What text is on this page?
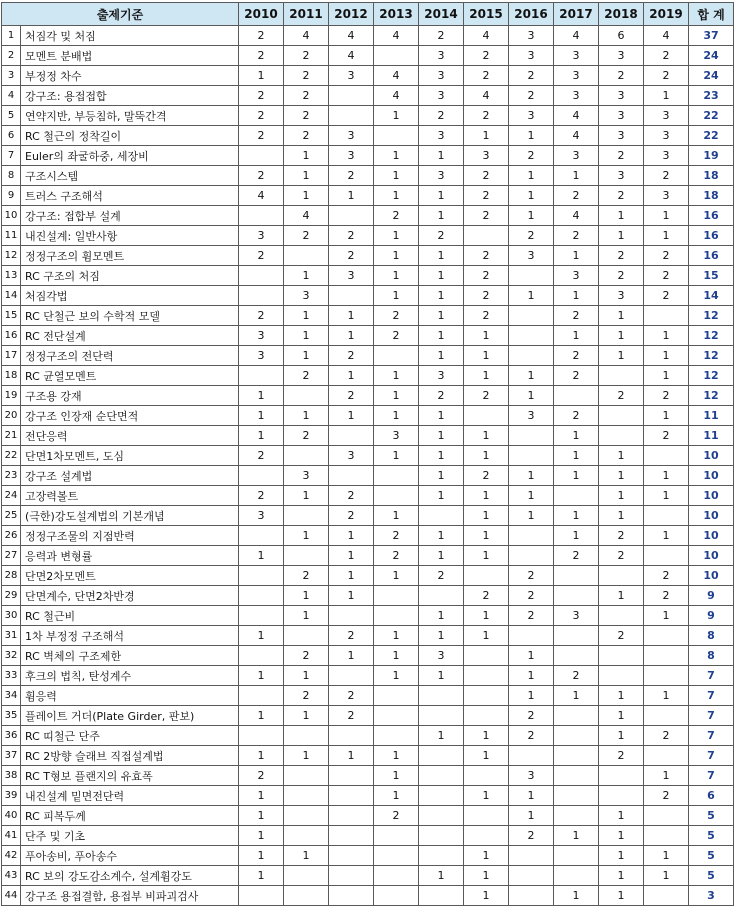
출제기준		2010	2011	2012	2013	2014	2015	2016	2017	2018	2019	합 계
1	처짐각 및 처짐	2	4	4	4	2	4	3	4	6	4	37
2	모멘트 분배법	2	2	4		3	2	3	3	3	2	24
3	부정정 차수	1	2	3	4	3	2	2	3	2	2	24
4	강구조: 용접접합	2	2		4	3	4	2	3	3	1	23
5	연약지반, 부등침하, 말뚝간격	2	2		1	2	2	3	4	3	3	22
6	RC 철근의 정착길이	2	2	3		3	1	1	4	3	3	22
7	Euler의 좌굴하중, 세장비		1	3	1	1	3	2	3	2	3	19
8	구조시스템	2	1	2	1	3	2	1	1	3	2	18
9	트러스 구조해석	4	1	1	1	1	2	1	2	2	3	18
10	강구조: 접합부 설계		4		2	1	2	1	4	1	1	16
11	내진설계: 일반사항	3	2	2	1	2		2	2	1	1	16
12	정정구조의 휨모멘트	2		2	1	1	2	3	1	2	2	16
13	RC 구조의 처짐		1	3	1	1	2		3	2	2	15
14	처짐각법		3		1	1	2	1	1	3	2	14
15	RC 단철근 보의 수학적 모델	2	1	1	2	1	2		2	1		12
16	RC 전단설계	3	1	1	2	1	1		1	1	1	12
17	정정구조의 전단력	3	1	2		1	1		2	1	1	12
18	RC 균열모멘트		2	1	1	3	1	1	2		1	12
19	구조용 강재	1		2	1	2	2	1		2	2	12
20	강구조 인장재 순단면적	1	1	1	1	1		3	2		1	11
21	전단응력	1	2		3	1	1		1		2	11
22	단면1차모멘트, 도심	2		3	1	1	1		1	1		10
23	강구조 설계법		3			1	2	1	1	1	1	10
24	고장력볼트	2	1	2		1	1	1		1	1	10
25	(극한)강도설계법의 기본개념	3		2	1		1	1	1	1		10
26	정정구조물의 지점반력		1	1	2	1	1		1	2	1	10
27	응력과 변형률	1		1	2	1	1		2	2		10
28	단면2차모멘트		2	1	1	2		2			2	10
29	단면계수, 단면2차반경		1	1			2	2		1	2	9
30	RC 철근비		1			1	1	2	3		1	9
31	1차 부정정 구조해석	1		2	1	1	1			2		8
32	RC 벽체의 구조제한		2	1	1	3		1				8
33	후크의 법칙, 탄성계수	1	1		1	1		1	2			7
34	휨응력		2	2				1	1	1	1	7
35	플레이트 거더(Plate Girder, 판보)	1	1	2				2		1		7
36	RC 띠철근 단주					1	1	2		1	2	7
37	RC 2방향 슬래브 직접설계법	1	1	1	1		1			2		7
38	RC T형보 플랜지의 유효폭	2			1			3			1	7
39	내진설계 밑면전단력	1			1		1	1			2	6
40	RC 피복두께	1			2			1		1		5
41	단주 및 기초	1						2	1	1		5
42	푸아송비, 푸아송수	1	1				1			1	1	5
43	RC 보의 강도감소계수, 설계휨강도	1				1	1			1	1	5
44	강구조 용접결함, 용접부 비파괴검사						1		1	1		3
